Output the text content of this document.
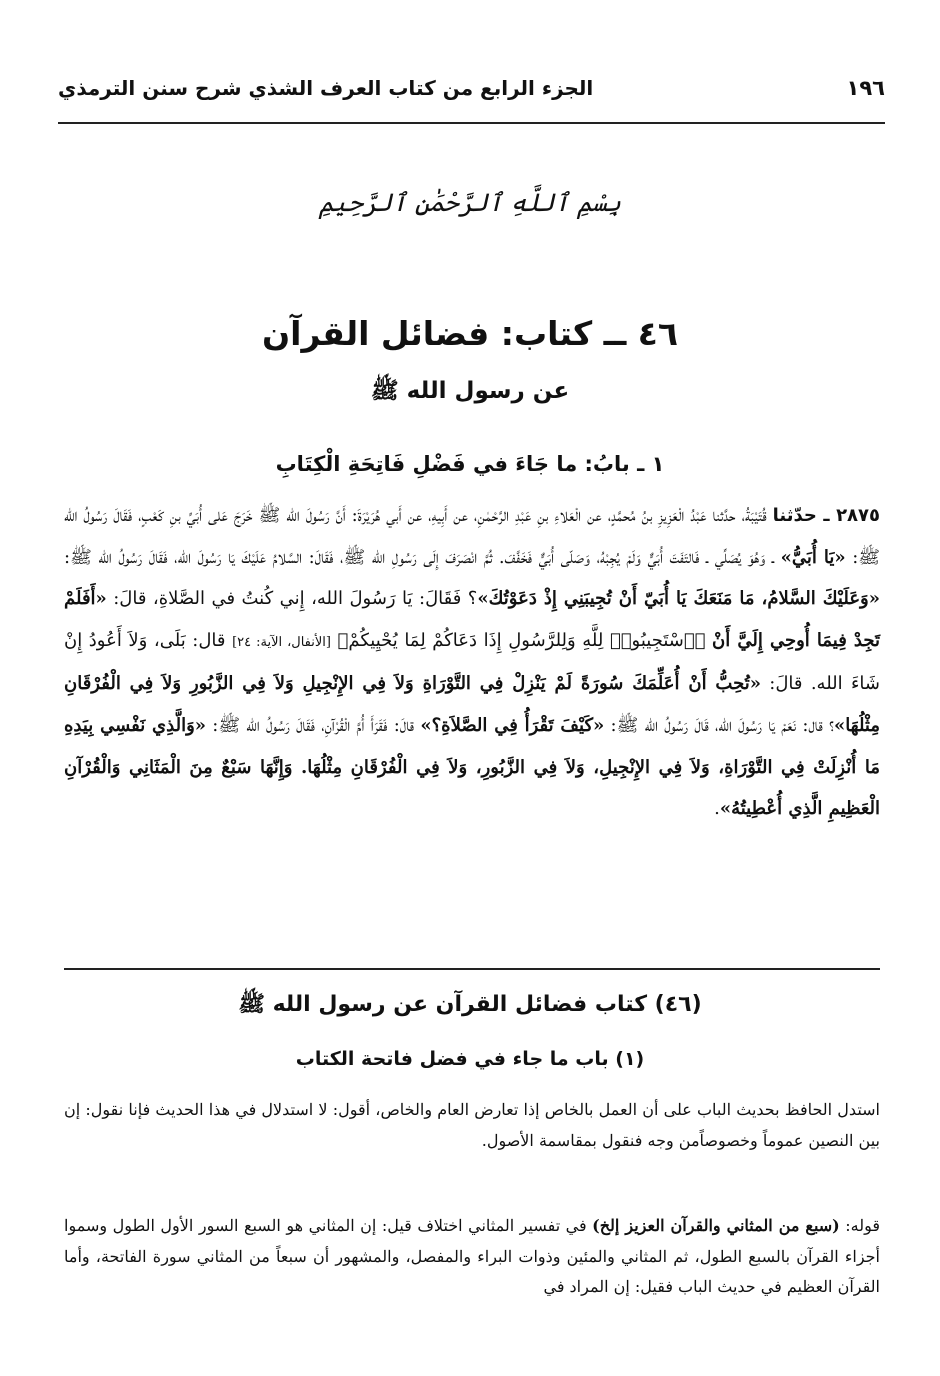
١٩٦
الجزء الرابع من كتاب العرف الشذي شرح سنن الترمذي
بِسْمِ ٱللَّهِ ٱلرَّحْمَٰنِ ٱلرَّحِيمِ
٤٦ ــ كتاب: فضائل القرآن
عن رسول الله ﷺ
١ ـ بابُ: ما جَاءَ في فَضْلِ فَاتِحَةِ الْكِتَابِ
٢٨٧٥ ـ حدّثنا قُتَيْبَةُ، حدَّثنا عَبْدُ الْعَزِيزِ بنُ مُحمَّدٍ، عن الْعَلاءِ بنِ عَبْدِ الرَّحْمٰنِ، عن أَبِيهِ، عن أَبي هُرَيْرَةَ: أَنَّ رَسُولَ الله ﷺ خَرَجَ عَلى أُبَيِّ بنِ كَعْبٍ، فَقَالَ رَسُولُ الله ﷺ: «يَا أُبَيُّ» ـ وَهُوَ يُصَلِّي ـ فَالتَفَتَ أُبَيٌّ وَلَمْ يُجِبْهُ، وَصَلّى أُبَيٌّ فَخَفَّفَ. ثُمَّ انْصَرَفَ إِلَى رَسُولِ الله ﷺ، فَقَالَ: السَّلامُ عَلَيْكَ يَا رَسُولَ الله، فَقَالَ رَسُولُ الله ﷺ: «وَعَلَيْكَ السَّلامُ، مَا مَنَعَكَ يَا أُبَيّ أَنْ تُجِيبَنِي إِذْ دَعَوْتُكَ»؟ فَقَالَ: يَا رَسُولَ الله، إِني كُنتُ في الصَّلاةِ، قالَ: «أَفَلَمْ تَجِدْ فِيمَا أُوحِي إِلَيَّ أَنْ ﴿ٱسْتَجِيبُوا۟ لِلَّهِ وَلِلرَّسُولِ إِذَا دَعَاكُمْ لِمَا يُحْيِيكُمْ﴾ [الأنفال، الآية: ٢٤] قال: بَلَى، وَلاَ أَعُودُ إِنْ شَاءَ الله. قالَ: «تُحِبُّ أَنْ أُعَلِّمَكَ سُورَةً لَمْ يَنْزِلْ فِي التَّوْرَاةِ وَلاَ فِي الإِنْجِيلِ وَلاَ فِي الزَّبُورِ وَلاَ فِي الْفُرْقَانِ مِثْلُهَا»؟ قال: نَعَمْ يَا رَسُولَ الله، قَالَ رَسُولُ الله ﷺ: «كَيْفَ تَقْرَأُ فِي الصَّلاَةِ؟» قالَ: فَقَرَأَ أُمَّ الْقُرْآنِ، فَقَالَ رَسُولُ الله ﷺ: «وَالَّذِي نَفْسِي بِيَدِهِ مَا أُنْزِلَتْ فِي التَّوْرَاةِ، وَلاَ فِي الإِنْجِيلِ، وَلاَ فِي الزَّبُورِ، وَلاَ فِي الْفُرْقَانِ مِثْلُهَا. وَإِنَّهَا سَبْعٌ مِنَ الْمَثَانِي وَالْقُرْآنِ الْعَظِيمِ الَّذِي أُعْطِيتُهُ».
(٤٦) كتاب فضائل القرآن عن رسول الله ﷺ
(١) باب ما جاء في فضل فاتحة الكتاب

استدل الحافظ بحديث الباب على أن العمل بالخاص إذا تعارض العام والخاص، أقول: لا استدلال في هذا الحديث فإنا نقول: إن بين النصين عموماً وخصوصاًمن وجه فنقول بمقاسمة الأصول.

قوله: (سبع من المثاني والقرآن العزيز إلخ) في تفسير المثاني اختلاف قيل: إن المثاني هو السبع السور الأول الطول وسموا أجزاء القرآن بالسبع الطول، ثم المثاني والمئين وذوات البراء والمفصل، والمشهور أن سبعاً من المثاني سورة الفاتحة، وأما القرآن العظيم في حديث الباب فقيل: إن المراد في
